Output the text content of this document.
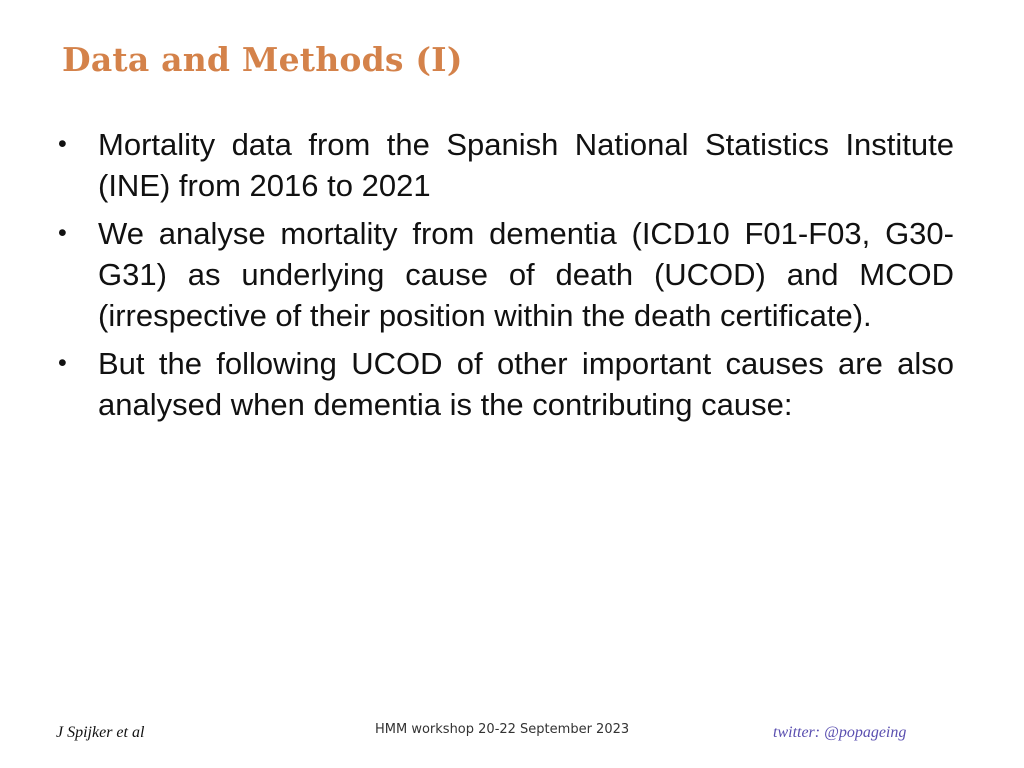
Data and Methods (I)
•	Mortality data from the Spanish National Statistics Institute (INE) from 2016 to 2021
•	We analyse mortality from dementia (ICD10 F01-F03, G30-G31) as underlying cause of death (UCOD) and MCOD (irrespective of their position within the death certificate).
•	But the following UCOD of other important causes are also analysed when dementia is the contributing cause:
J Spijker et al	HMM workshop 20-22 September 2023	twitter: @popageing
